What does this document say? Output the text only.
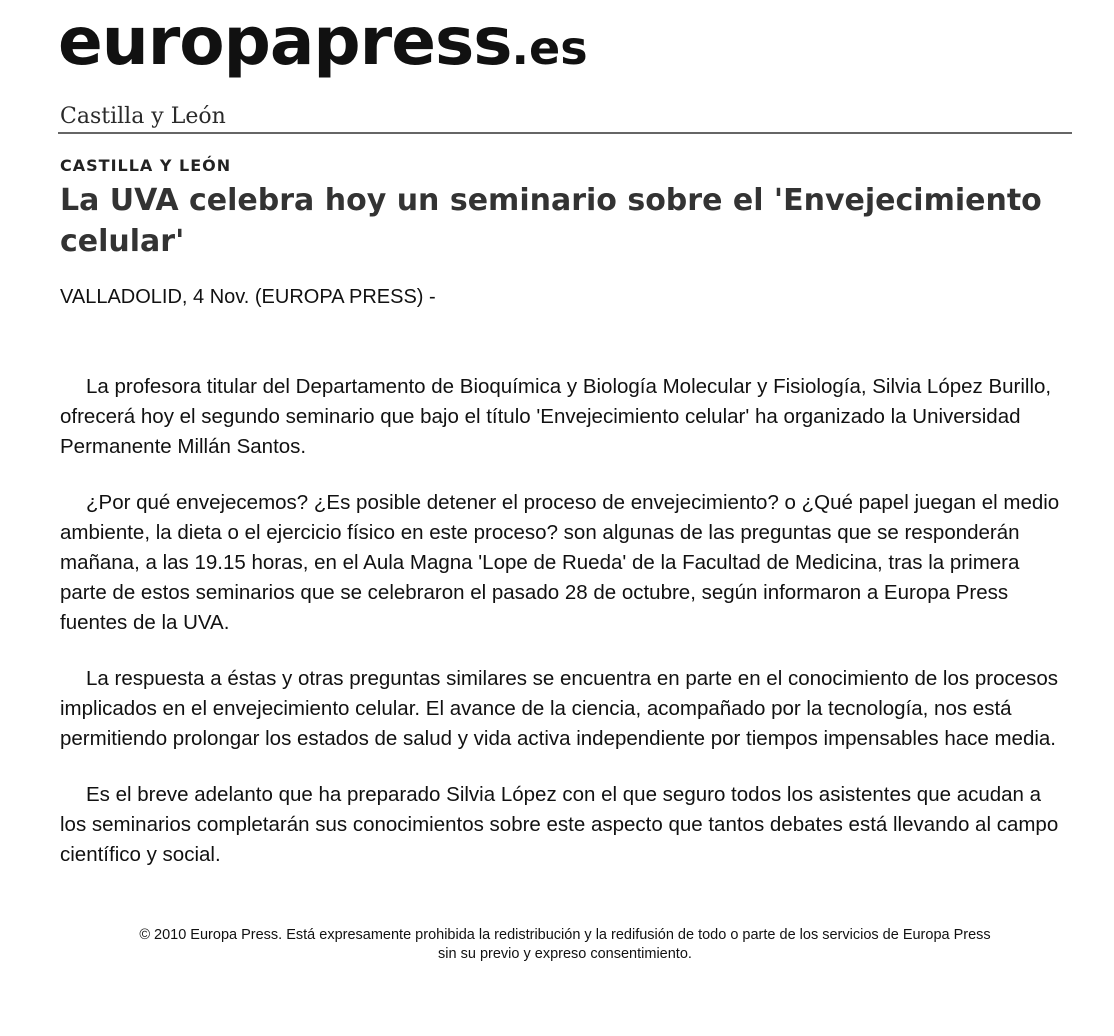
europapress.es
Castilla y León
CASTILLA Y LEÓN
La UVA celebra hoy un seminario sobre el 'Envejecimiento celular'
VALLADOLID, 4 Nov. (EUROPA PRESS) -

La profesora titular del Departamento de Bioquímica y Biología Molecular y Fisiología, Silvia López Burillo, ofrecerá hoy el segundo seminario que bajo el título 'Envejecimiento celular' ha organizado la Universidad Permanente Millán Santos.

¿Por qué envejecemos? ¿Es posible detener el proceso de envejecimiento? o ¿Qué papel juegan el medio ambiente, la dieta o el ejercicio físico en este proceso? son algunas de las preguntas que se responderán mañana, a las 19.15 horas, en el Aula Magna 'Lope de Rueda' de la Facultad de Medicina, tras la primera parte de estos seminarios que se celebraron el pasado 28 de octubre, según informaron a Europa Press fuentes de la UVA.

La respuesta a éstas y otras preguntas similares se encuentra en parte en el conocimiento de los procesos implicados en el envejecimiento celular. El avance de la ciencia, acompañado por la tecnología, nos está permitiendo prolongar los estados de salud y vida activa independiente por tiempos impensables hace media.

Es el breve adelanto que ha preparado Silvia López con el que seguro todos los asistentes que acudan a los seminarios completarán sus conocimientos sobre este aspecto que tantos debates está llevando al campo científico y social.

© 2010 Europa Press. Está expresamente prohibida la redistribución y la redifusión de todo o parte de los servicios de Europa Press
sin su previo y expreso consentimiento.
